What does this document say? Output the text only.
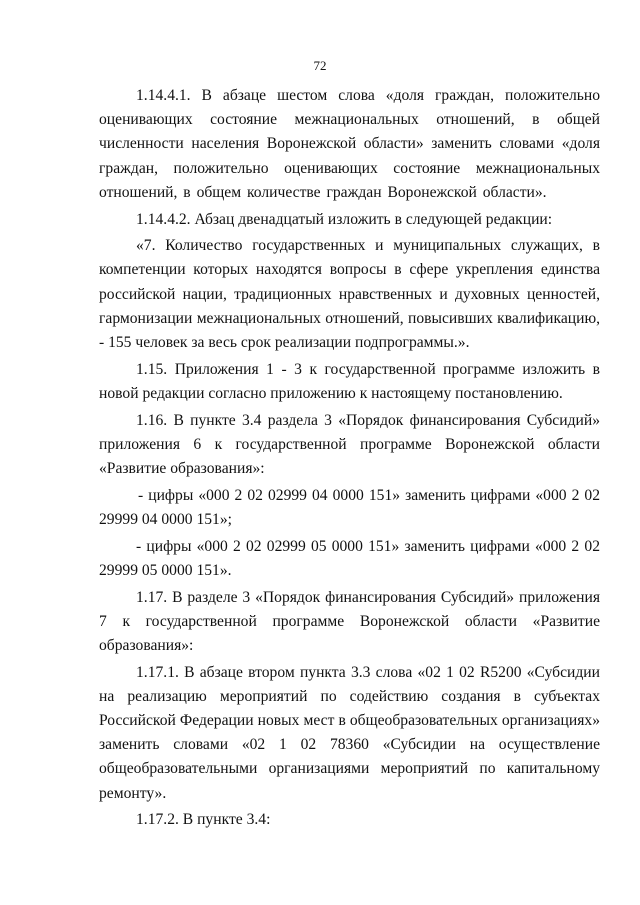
72

1.14.4.1. В абзаце шестом слова «доля граждан, положительно оценивающих состояние межнациональных отношений, в общей численности населения Воронежской области» заменить словами «доля граждан, положительно оценивающих состояние межнациональных отношений, в общем количестве граждан Воронежской области».

1.14.4.2. Абзац двенадцатый изложить в следующей редакции:

«7. Количество государственных и муниципальных служащих, в компетенции которых находятся вопросы в сфере укрепления единства российской нации, традиционных нравственных и духовных ценностей, гармонизации межнациональных отношений, повысивших квалификацию, - 155 человек за весь срок реализации подпрограммы.».

1.15. Приложения 1 - 3 к государственной программе изложить в новой редакции согласно приложению к настоящему постановлению.

1.16. В пункте 3.4 раздела 3 «Порядок финансирования Субсидий» приложения 6 к государственной программе Воронежской области «Развитие образования»:

- цифры «000 2 02 02999 04 0000 151» заменить цифрами «000 2 02 29999 04 0000 151»;

- цифры «000 2 02 02999 05 0000 151» заменить цифрами «000 2 02 29999 05 0000 151».

1.17. В разделе 3 «Порядок финансирования Субсидий» приложения 7 к государственной программе Воронежской области «Развитие образования»:

1.17.1. В абзаце втором пункта 3.3 слова «02 1 02 R5200 «Субсидии на реализацию мероприятий по содействию создания в субъектах Российской Федерации новых мест в общеобразовательных организациях» заменить словами «02 1 02 78360 «Субсидии на осуществление общеобразовательными организациями мероприятий по капитальному ремонту».

1.17.2. В пункте 3.4:
